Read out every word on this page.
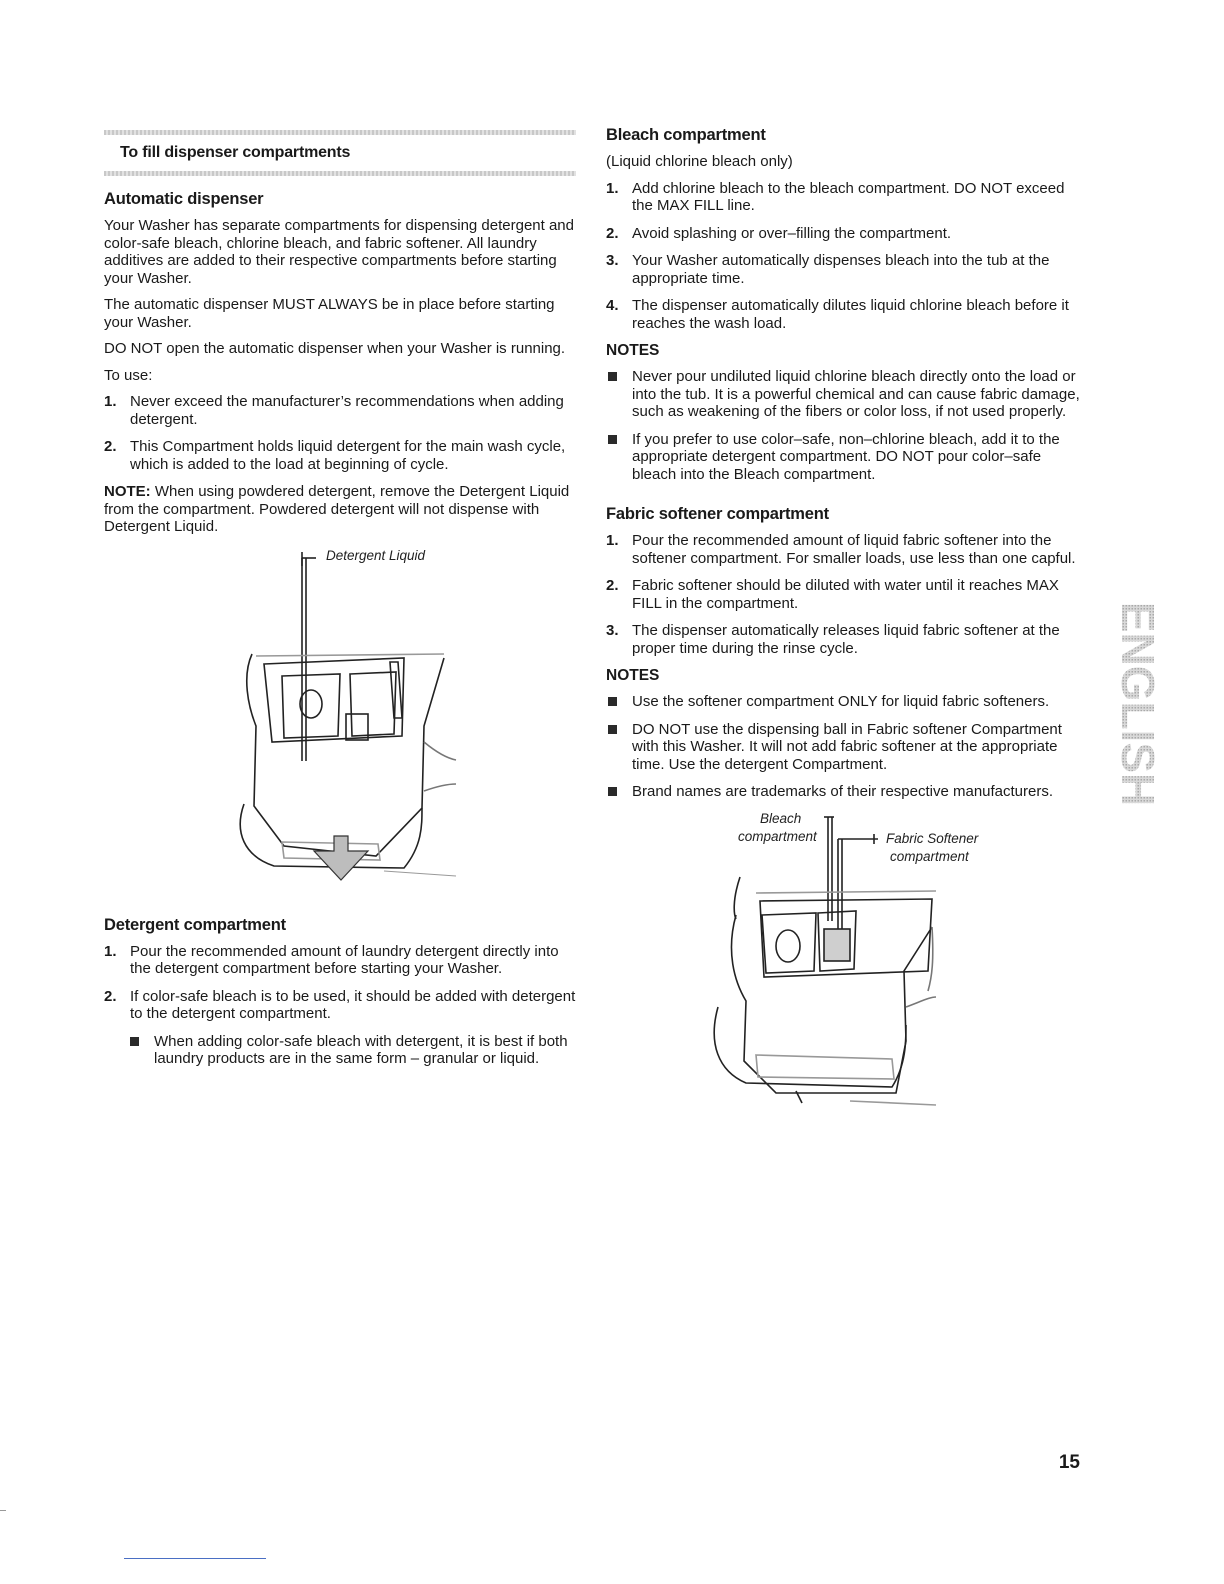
To fill dispenser compartments
Automatic dispenser

Your Washer has separate compartments for dispensing detergent and color-safe bleach, chlorine bleach, and fabric softener. All laundry additives are added to their respective compartments before starting your Washer.

The automatic dispenser MUST ALWAYS be in place before starting your Washer.

DO NOT open the automatic dispenser when your Washer is running.

To use:

1. Never exceed the manufacturer’s recommendations when adding detergent.
2. This Compartment holds liquid detergent for the main wash cycle, which is added to the load at beginning of cycle.
NOTE: When using powdered detergent, remove the Detergent Liquid from the compartment. Powdered detergent will not dispense with Detergent Liquid.
Detergent Liquid
Detergent compartment
1. Pour the recommended amount of laundry detergent directly into the detergent compartment before starting your Washer.
2. If color-safe bleach is to be used, it should be added with detergent to the detergent compartment.
When adding color-safe bleach with detergent, it is best if both laundry products are in the same form – granular or liquid.
Bleach compartment

(Liquid chlorine bleach only)

1. Add chlorine bleach to the bleach compartment. DO NOT exceed the MAX FILL line.
2. Avoid splashing or over–filling the compartment.
3. Your Washer automatically dispenses bleach into the tub at the appropriate time.
4. The dispenser automatically dilutes liquid chlorine bleach before it reaches the wash load.
NOTES
Never pour undiluted liquid chlorine bleach directly onto the load or into the tub. It is a powerful chemical and can cause fabric damage, such as weakening of the fibers or color loss, if not used properly.
If you prefer to use color–safe, non–chlorine bleach, add it to the appropriate detergent compartment. DO NOT pour color–safe bleach into the Bleach compartment.
Fabric softener compartment
1. Pour the recommended amount of liquid fabric softener into the softener compartment. For smaller loads, use less than one capful.
2. Fabric softener should be diluted with water until it reaches MAX FILL in the compartment.
3. The dispenser automatically releases liquid fabric softener at the proper time during the rinse cycle.
NOTES
Use the softener compartment ONLY for liquid fabric softeners.
DO NOT use the dispensing ball in Fabric softener Compartment with this Washer. It will not add fabric softener at the appropriate time. Use the detergent Compartment.
Brand names are trademarks of their respective manufacturers.
Bleach
compartment	Fabric Softener
compartment
ENGLISH
15
